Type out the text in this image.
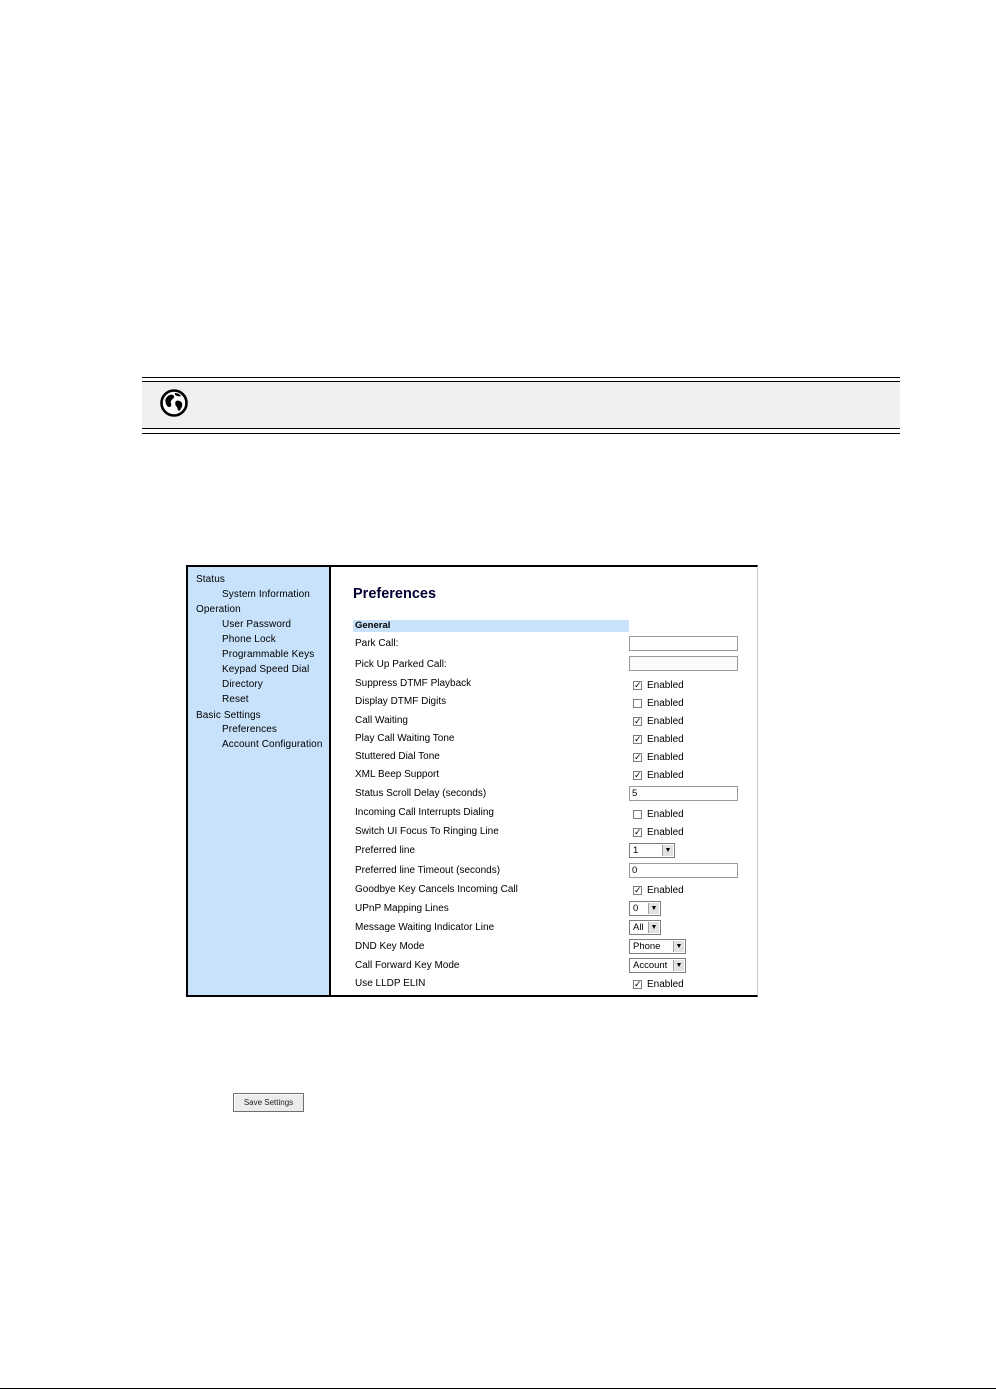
Status
System Information
Operation
User Password
Phone Lock
Programmable Keys
Keypad Speed Dial
Directory
Reset
Basic Settings
Preferences
Account Configuration
Preferences
General
Park Call:
Pick Up Parked Call:
Suppress DTMF Playback	✓ Enabled
Display DTMF Digits	Enabled
Call Waiting	✓ Enabled
Play Call Waiting Tone	✓ Enabled
Stuttered Dial Tone	✓ Enabled
XML Beep Support	✓ Enabled
Status Scroll Delay (seconds)	5
Incoming Call Interrupts Dialing	Enabled
Switch UI Focus To Ringing Line	✓ Enabled
Preferred line	1	▼
Preferred line Timeout (seconds)	0
Goodbye Key Cancels Incoming Call	✓ Enabled
UPnP Mapping Lines	0	▼
Message Waiting Indicator Line	All ▼
DND Key Mode	Phone	▼
Call Forward Key Mode	Account	▼
Use LLDP ELIN	✓ Enabled
Save Settings
